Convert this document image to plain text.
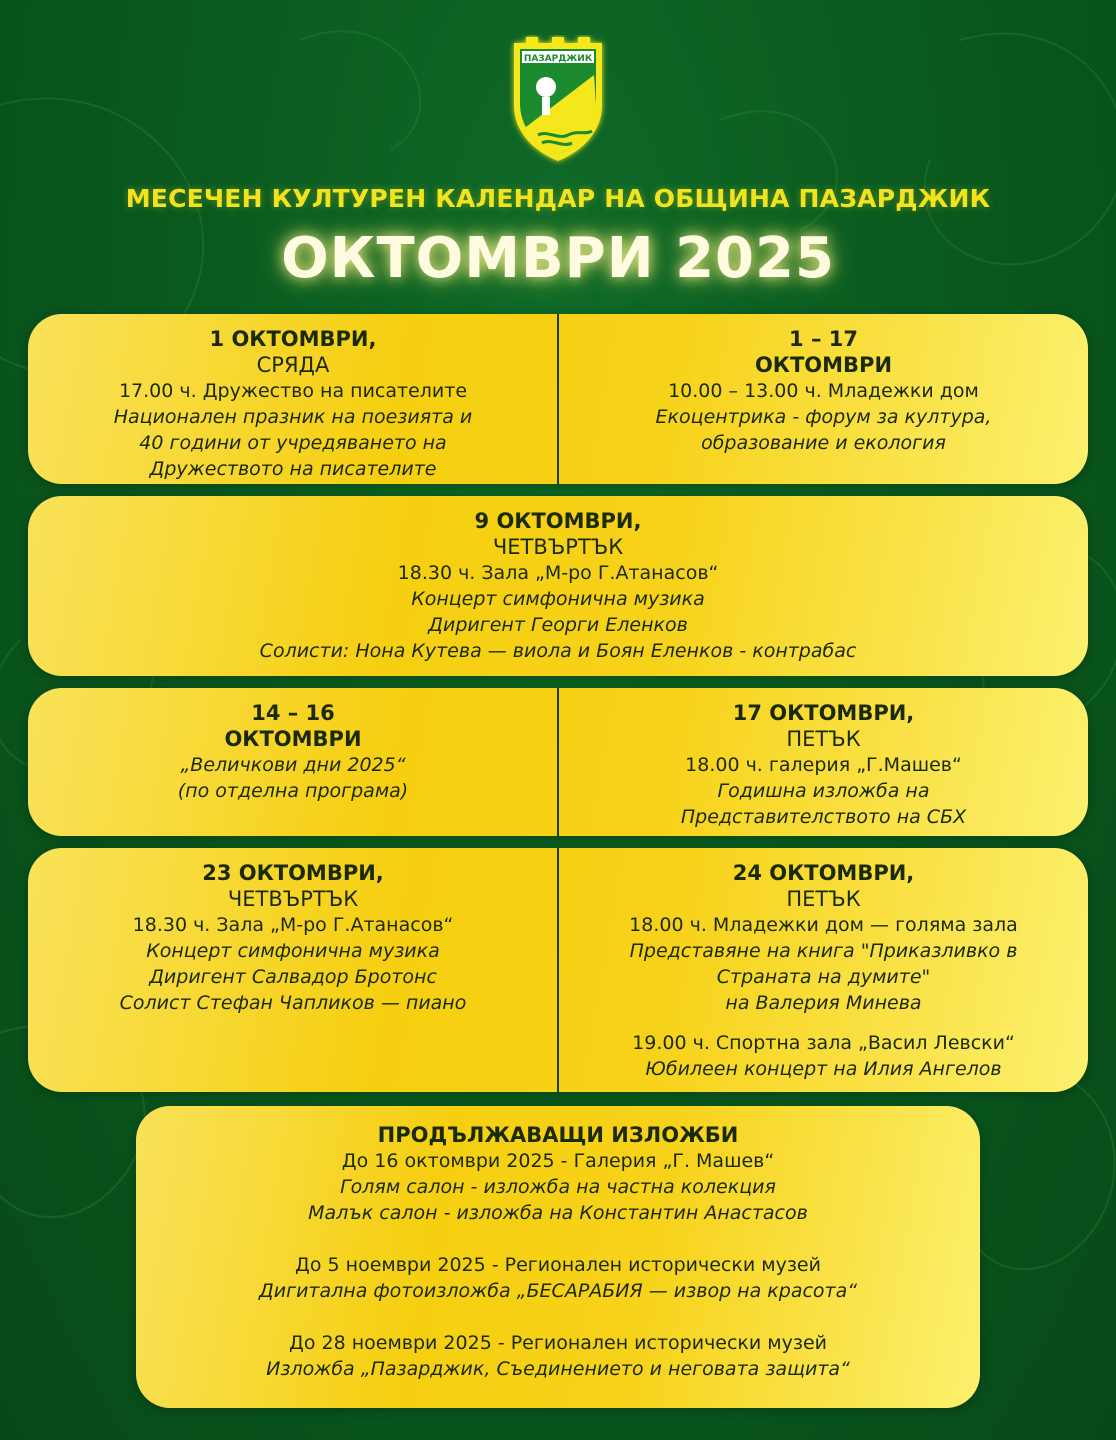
ПАЗАРДЖИК
МЕСЕЧЕН КУЛТУРЕН КАЛЕНДАР НА ОБЩИНА ПАЗАРДЖИК
ОКТОМВРИ 2025
1 ОКТОМВРИ,
СРЯДА
17.00 ч. Дружество на писателите
Национален празник на поезията и
40 години от учредяването на
Дружеството на писателите
1 – 17
ОКТОМВРИ
10.00 – 13.00 ч. Младежки дом
Екоцентрика - форум за култура,
образование и екология
9 ОКТОМВРИ,
ЧЕТВЪРТЪК
18.30 ч. Зала „М-ро Г.Атанасов“
Концерт симфонична музика
Диригент Георги Еленков
Солисти: Нона Кутева — виола и Боян Еленков - контрабас
14 – 16
ОКТОМВРИ
„Величкови дни 2025“
(по отделна програма)
17 ОКТОМВРИ,
ПЕТЪК
18.00 ч. галерия „Г.Машев“
Годишна изложба на
Представителството на СБХ
23 ОКТОМВРИ,
ЧЕТВЪРТЪК
18.30 ч. Зала „М-ро Г.Атанасов“
Концерт симфонична музика
Диригент Салвадор Бротонс
Солист Стефан Чапликов — пиано
24 ОКТОМВРИ,
ПЕТЪК
18.00 ч. Младежки дом — голяма зала
Представяне на книга "Приказливко в
Страната на думите"
на Валерия Минева
19.00 ч. Спортна зала „Васил Левски“
Юбилеен концерт на Илия Ангелов
ПРОДЪЛЖАВАЩИ ИЗЛОЖБИ
До 16 октомври 2025 - Галерия „Г. Машев“
Голям салон - изложба на частна колекция
Малък салон - изложба на Константин Анастасов
До 5 ноември 2025 - Регионален исторически музей
Дигитална фотоизложба „БЕСАРАБИЯ — извор на красота“
До 28 ноември 2025 - Регионален исторически музей
Изложба „Пазарджик, Съединението и неговата защита“
